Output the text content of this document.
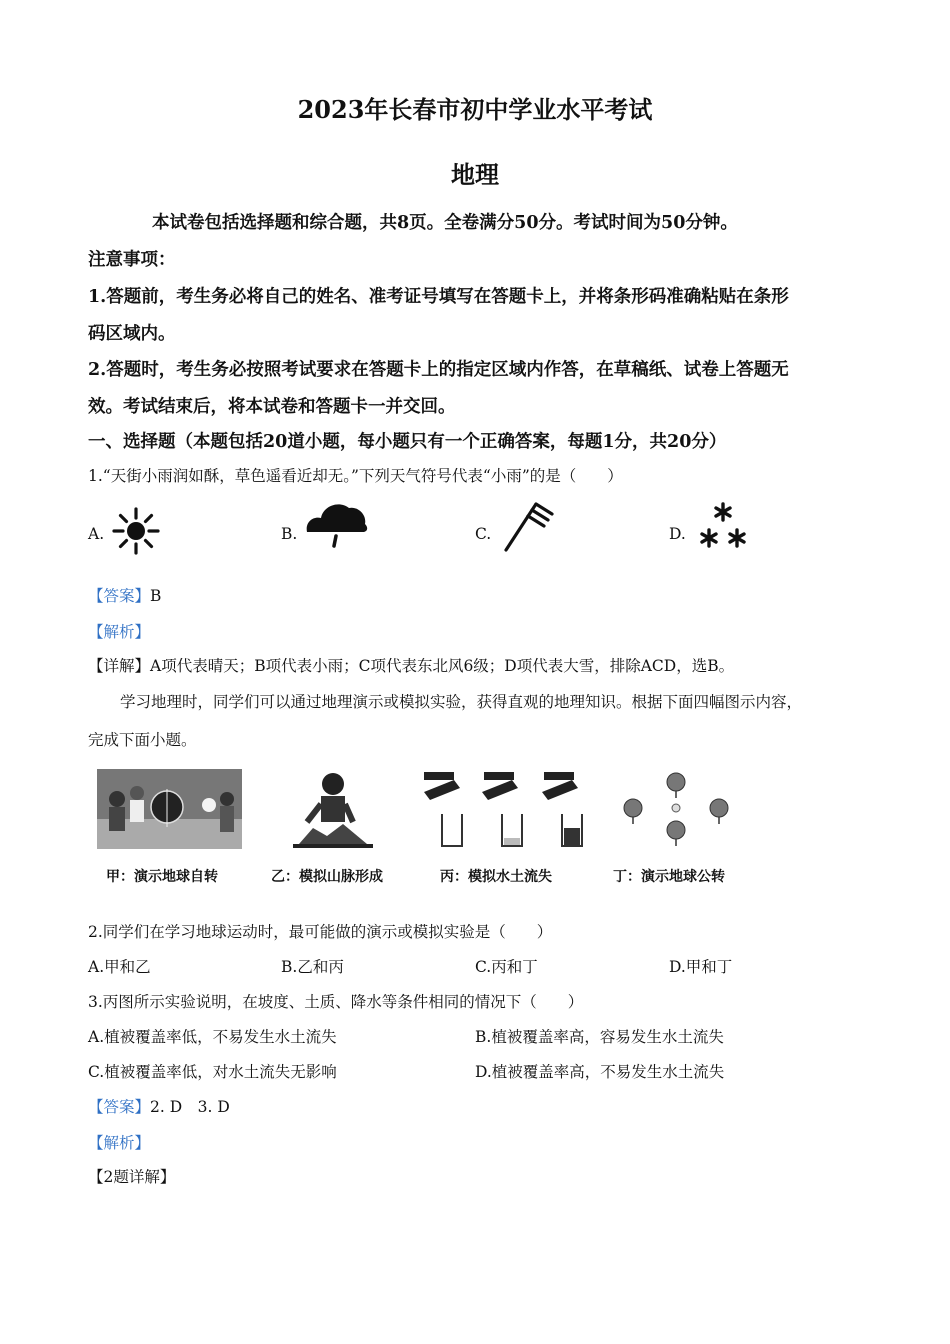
2023年长春市初中学业水平考试
地理
本试卷包括选择题和综合题，共8页。全卷满分50分。考试时间为50分钟。
注意事项：
1.答题前，考生务必将自己的姓名、准考证号填写在答题卡上，并将条形码准确粘贴在条形
码区域内。
2.答题时，考生务必按照考试要求在答题卡上的指定区域内作答，在草稿纸、试卷上答题无
效。考试结束后，将本试卷和答题卡一并交回。
一、选择题（本题包括20道小题，每小题只有一个正确答案，每题1分，共20分）
1.“天街小雨润如酥，草色遥看近却无。”下列天气符号代表“小雨”的是（　　）
A.	B.	C.	D.
【答案】B
【解析】
【详解】A项代表晴天；B项代表小雨；C项代表东北风6级；D项代表大雪，排除ACD，选B。
学习地理时，同学们可以通过地理演示或模拟实验，获得直观的地理知识。根据下面四幅图示内容，
完成下面小题。
甲：演示地球自转	乙：模拟山脉形成	丙：模拟水土流失	丁：演示地球公转
2.同学们在学习地球运动时，最可能做的演示或模拟实验是（　　）
A.甲和乙	B.乙和丙	C.丙和丁	D.甲和丁
3.丙图所示实验说明，在坡度、土质、降水等条件相同的情况下（　　）
A.植被覆盖率低，不易发生水土流失	B.植被覆盖率高，容易发生水土流失
C.植被覆盖率低，对水土流失无影响	D.植被覆盖率高，不易发生水土流失
【答案】2. D　3. D
【解析】
【2题详解】
